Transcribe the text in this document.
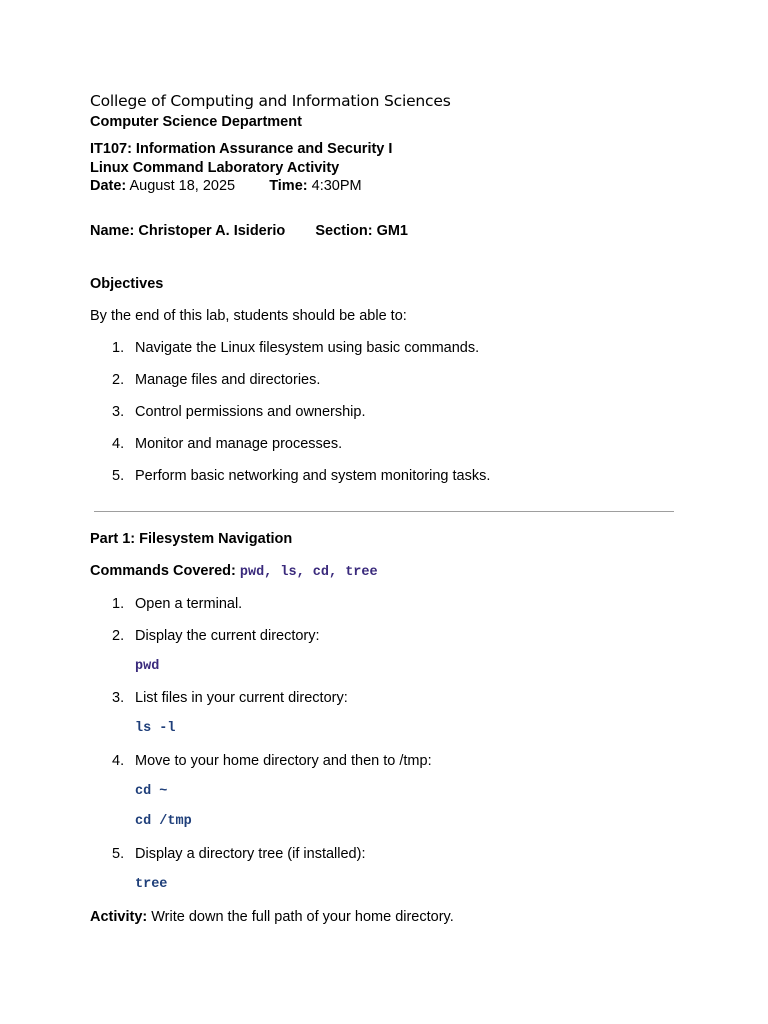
College of Computing and Information Sciences
Computer Science Department
IT107: Information Assurance and Security I
Linux Command Laboratory Activity
Date: August 18, 2025 Time: 4:30PM
Name: Christoper A. Isiderio Section: GM1
Objectives
By the end of this lab, students should be able to:
1. Navigate the Linux filesystem using basic commands.
2. Manage files and directories.
3. Control permissions and ownership.
4. Monitor and manage processes.
5. Perform basic networking and system monitoring tasks.
Part 1: Filesystem Navigation
Commands Covered: pwd, ls, cd, tree
1. Open a terminal.
2. Display the current directory:
pwd
3. List files in your current directory:
ls -l
4. Move to your home directory and then to /tmp:
cd ~
cd /tmp
5. Display a directory tree (if installed):
tree
Activity: Write down the full path of your home directory.
